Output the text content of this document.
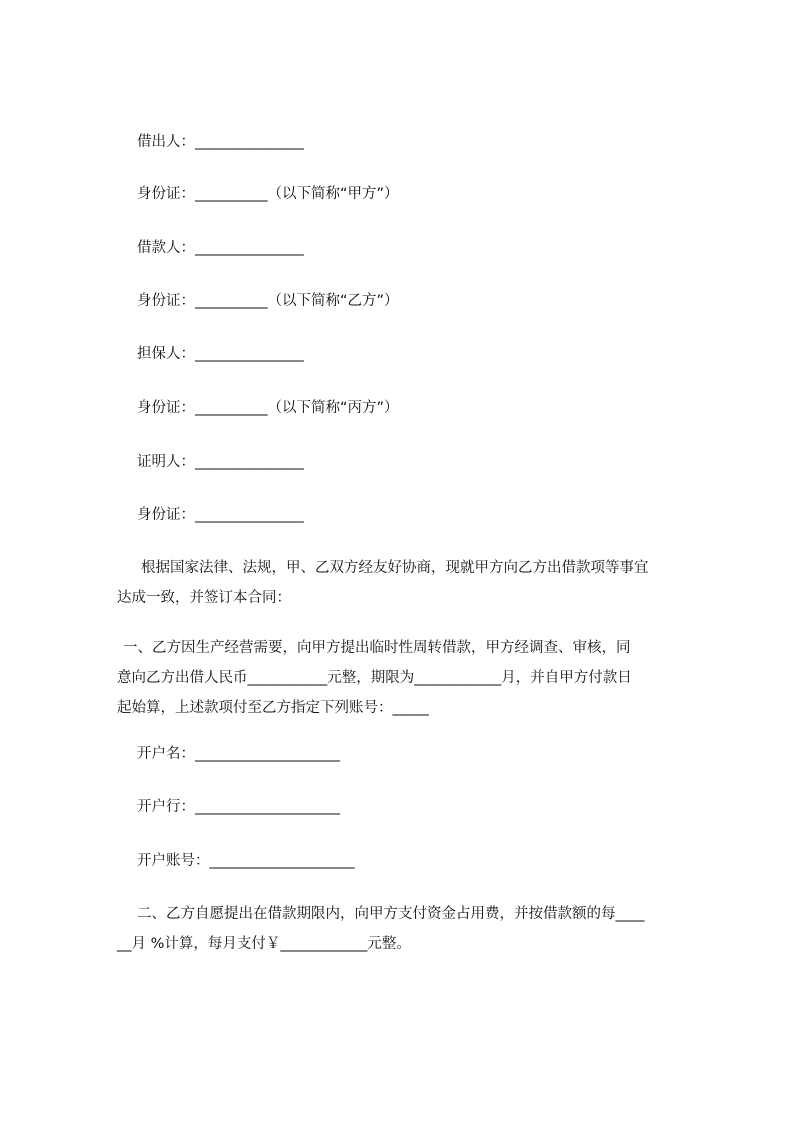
借出人：_______________
身份证：__________（以下简称“甲方”）
借款人：_______________
身份证：__________（以下简称“乙方”）
担保人：_______________
身份证：__________（以下简称“丙方”）
证明人：_______________
身份证：_______________
根据国家法律、法规，甲、乙双方经友好协商，现就甲方向乙方出借款项等事宜
达成一致，并签订本合同：
一、乙方因生产经营需要，向甲方提出临时性周转借款，甲方经调查、审核，同
意向乙方出借人民币___________元整，期限为____________月，并自甲方付款日
起始算，上述款项付至乙方指定下列账号：_____
开户名：____________________
开户行：____________________
开户账号：____________________
二、乙方自愿提出在借款期限内，向甲方支付资金占用费，并按借款额的每____
__月 %计算，每月支付￥____________元整。
